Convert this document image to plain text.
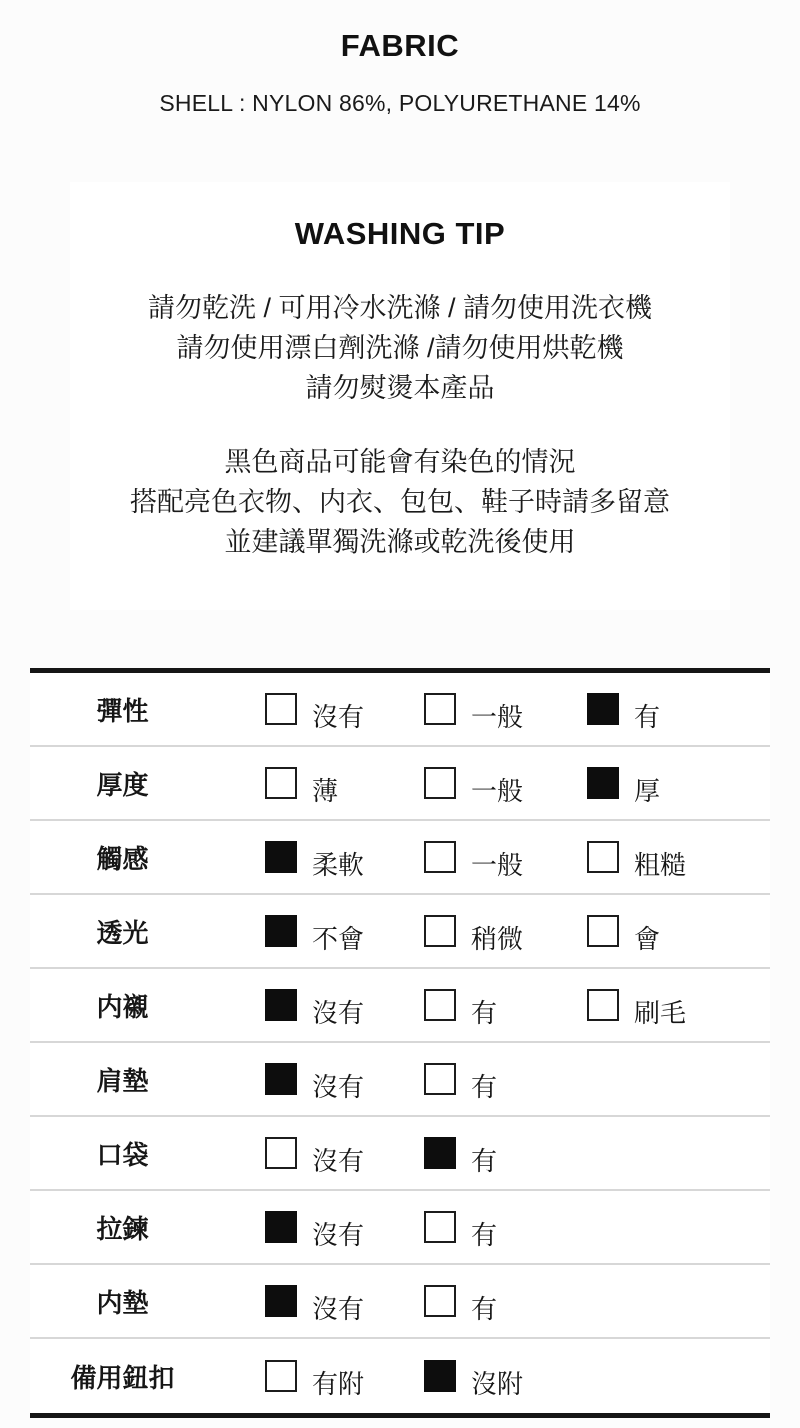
FABRIC

SHELL : NYLON 86%, POLYURETHANE 14%

WASHING TIP

請勿乾洗 / 可用冷水洗滌 / 請勿使用洗衣機

請勿使用漂白劑洗滌 /請勿使用烘乾機

請勿熨燙本產品

黑色商品可能會有染色的情況

搭配亮色衣物、内衣、包包、鞋子時請多留意

並建議單獨洗滌或乾洗後使用

彈性	沒有	一般	有
厚度	薄	一般	厚
觸感	柔軟	一般	粗糙
透光	不會	稍微	會
内襯	沒有	有	刷毛
肩墊	沒有	有
口袋	沒有	有
拉鍊	沒有	有
内墊	沒有	有
備用鈕扣	有附	沒附
